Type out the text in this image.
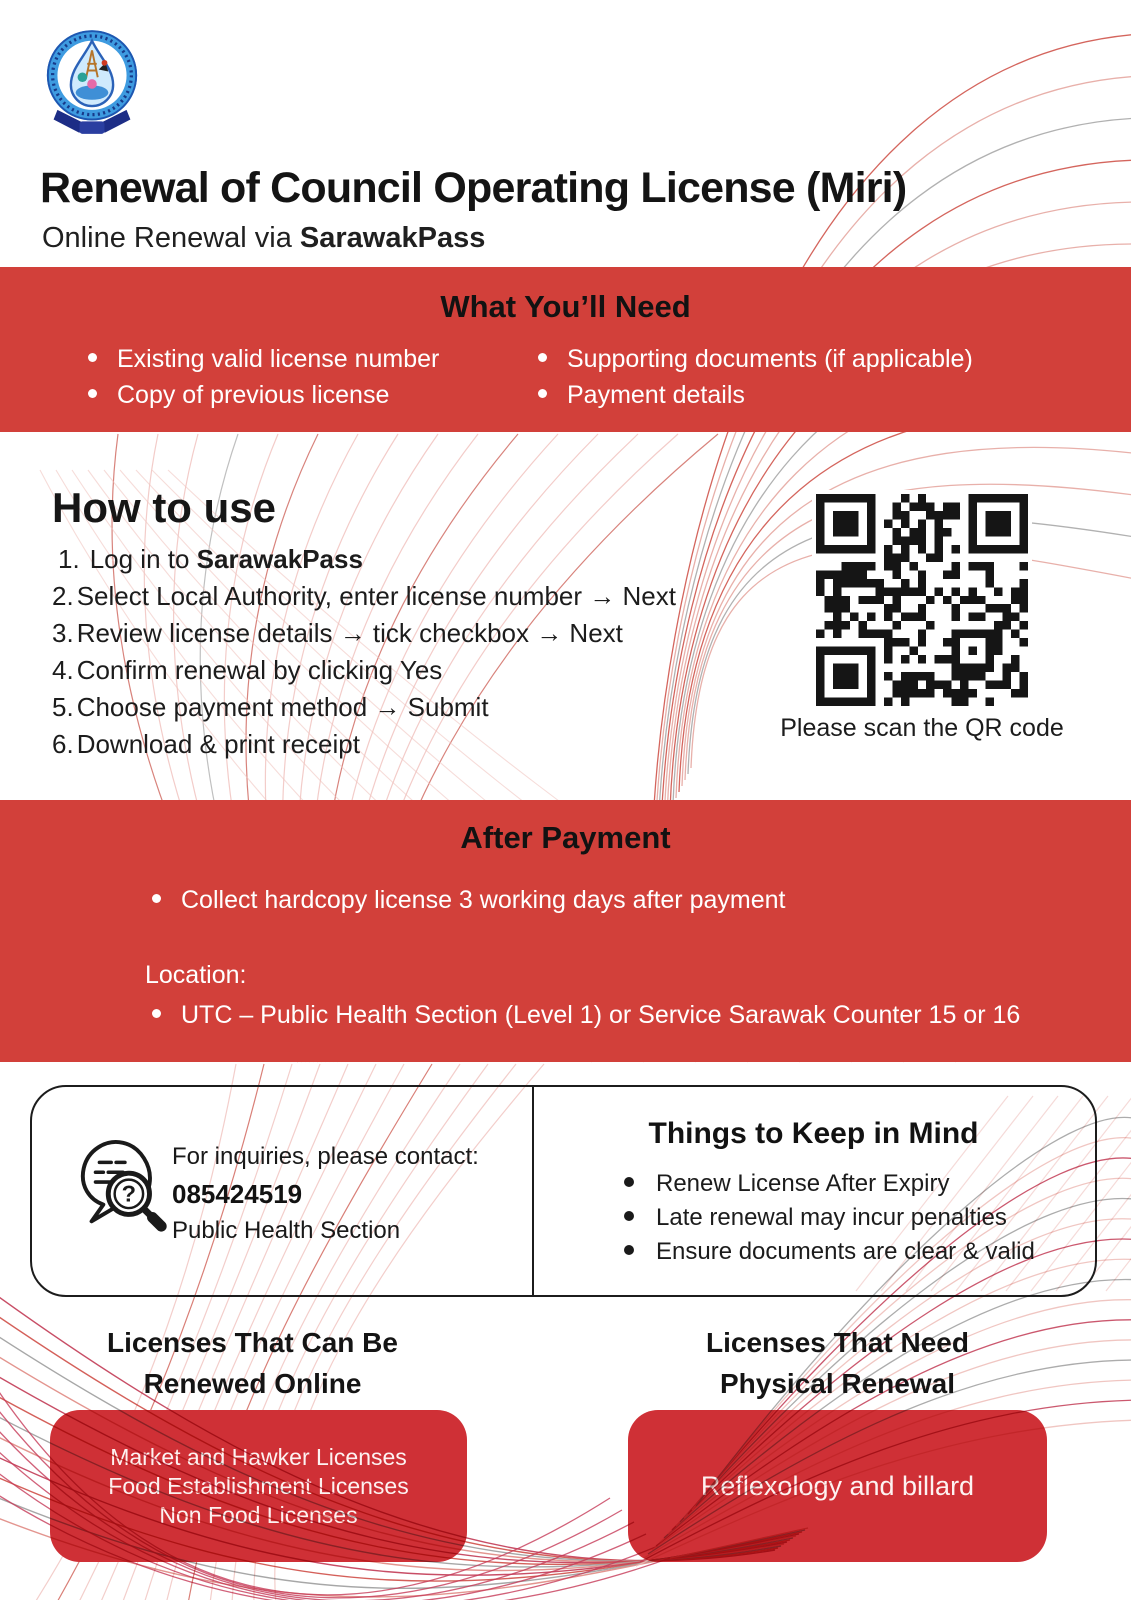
Renewal of Council Operating License (Miri)
Online Renewal via SarawakPass
What You’ll Need
Existing valid license number
Copy of previous license
Supporting documents (if applicable)
Payment details
How to use
1. Log in to SarawakPass
2. Select Local Authority, enter license number → Next
3. Review license details → tick checkbox → Next
4. Confirm renewal by clicking Yes
5. Choose payment method → Submit
6. Download & print receipt
Please scan the QR code
After Payment
Collect hardcopy license 3 working days after payment
Location:
UTC – Public Health Section (Level 1) or Service Sarawak Counter 15 or 16
?
For inquiries, please contact:
085424519
Public Health Section
Things to Keep in Mind
Renew License After Expiry
Late renewal may incur penalties
Ensure documents are clear & valid
Licenses That Can Be
Renewed Online
Licenses That Need
Physical Renewal
Market and Hawker Licenses
Food Establishment Licenses
Non Food Licenses
Reflexology and billard
